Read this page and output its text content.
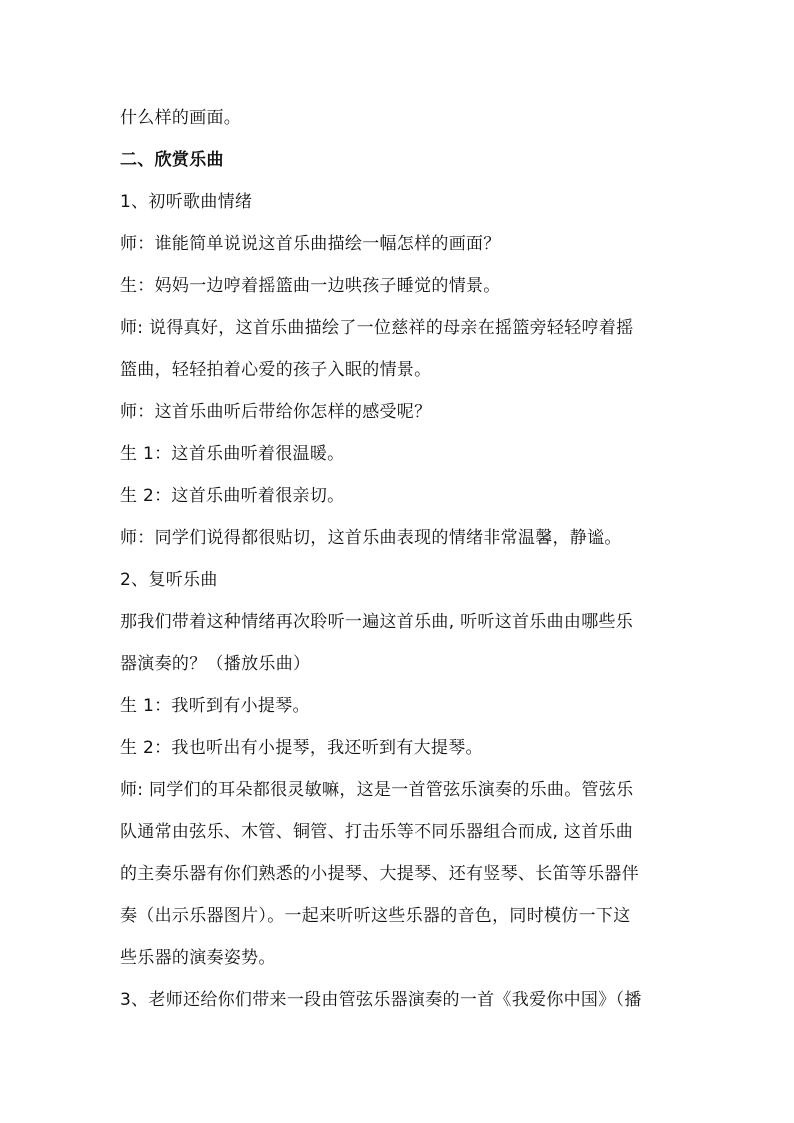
什么样的画面。
二、欣赏乐曲
1、初听歌曲情绪
师：谁能简单说说这首乐曲描绘一幅怎样的画面？
生：妈妈一边哼着摇篮曲一边哄孩子睡觉的情景。
师: 说得真好，这首乐曲描绘了一位慈祥的母亲在摇篮旁轻轻哼着摇
篮曲，轻轻拍着心爱的孩子入眠的情景。
师：这首乐曲听后带给你怎样的感受呢？
生 1：这首乐曲听着很温暖。
生 2：这首乐曲听着很亲切。
师：同学们说得都很贴切，这首乐曲表现的情绪非常温馨，静谧。
2、复听乐曲
那我们带着这种情绪再次聆听一遍这首乐曲, 听听这首乐曲由哪些乐
器演奏的？（播放乐曲）
生 1：我听到有小提琴。
生 2：我也听出有小提琴，我还听到有大提琴。
师: 同学们的耳朵都很灵敏嘛，这是一首管弦乐演奏的乐曲。管弦乐
队通常由弦乐、木管、铜管、打击乐等不同乐器组合而成, 这首乐曲
的主奏乐器有你们熟悉的小提琴、大提琴、还有竖琴、长笛等乐器伴
奏（出示乐器图片）。一起来听听这些乐器的音色，同时模仿一下这
些乐器的演奏姿势。
3、老师还给你们带来一段由管弦乐器演奏的一首《我爱你中国》（播
